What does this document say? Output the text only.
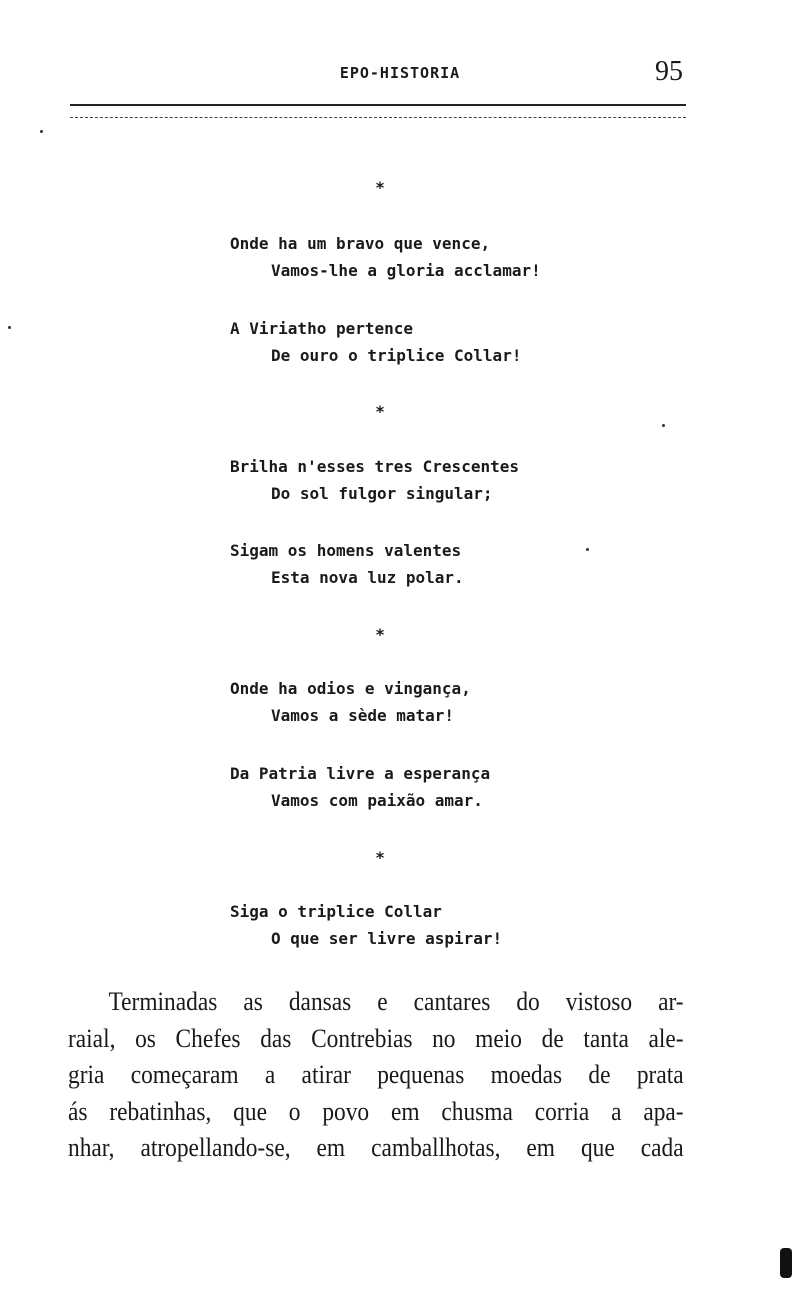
EPO-HISTORIA	95
*
Onde ha um bravo que vence,
Vamos-lhe a gloria acclamar!
A Viriatho pertence
De ouro o triplice Collar!
*
Brilha n'esses tres Crescentes
Do sol fulgor singular;
Sigam os homens valentes
Esta nova luz polar.
*
Onde ha odios e vingança,
Vamos a sède matar!
Da Patria livre a esperança
Vamos com paixão amar.
*
Siga o triplice Collar
O que ser livre aspirar!
Terminadas as dansas e cantares do vistoso ar-
raial, os Chefes das Contrebias no meio de tanta ale-
gria começaram a atirar pequenas moedas de prata
ás rebatinhas, que o povo em chusma corria a apa-
nhar, atropellando-se, em camballhotas, em que cada
